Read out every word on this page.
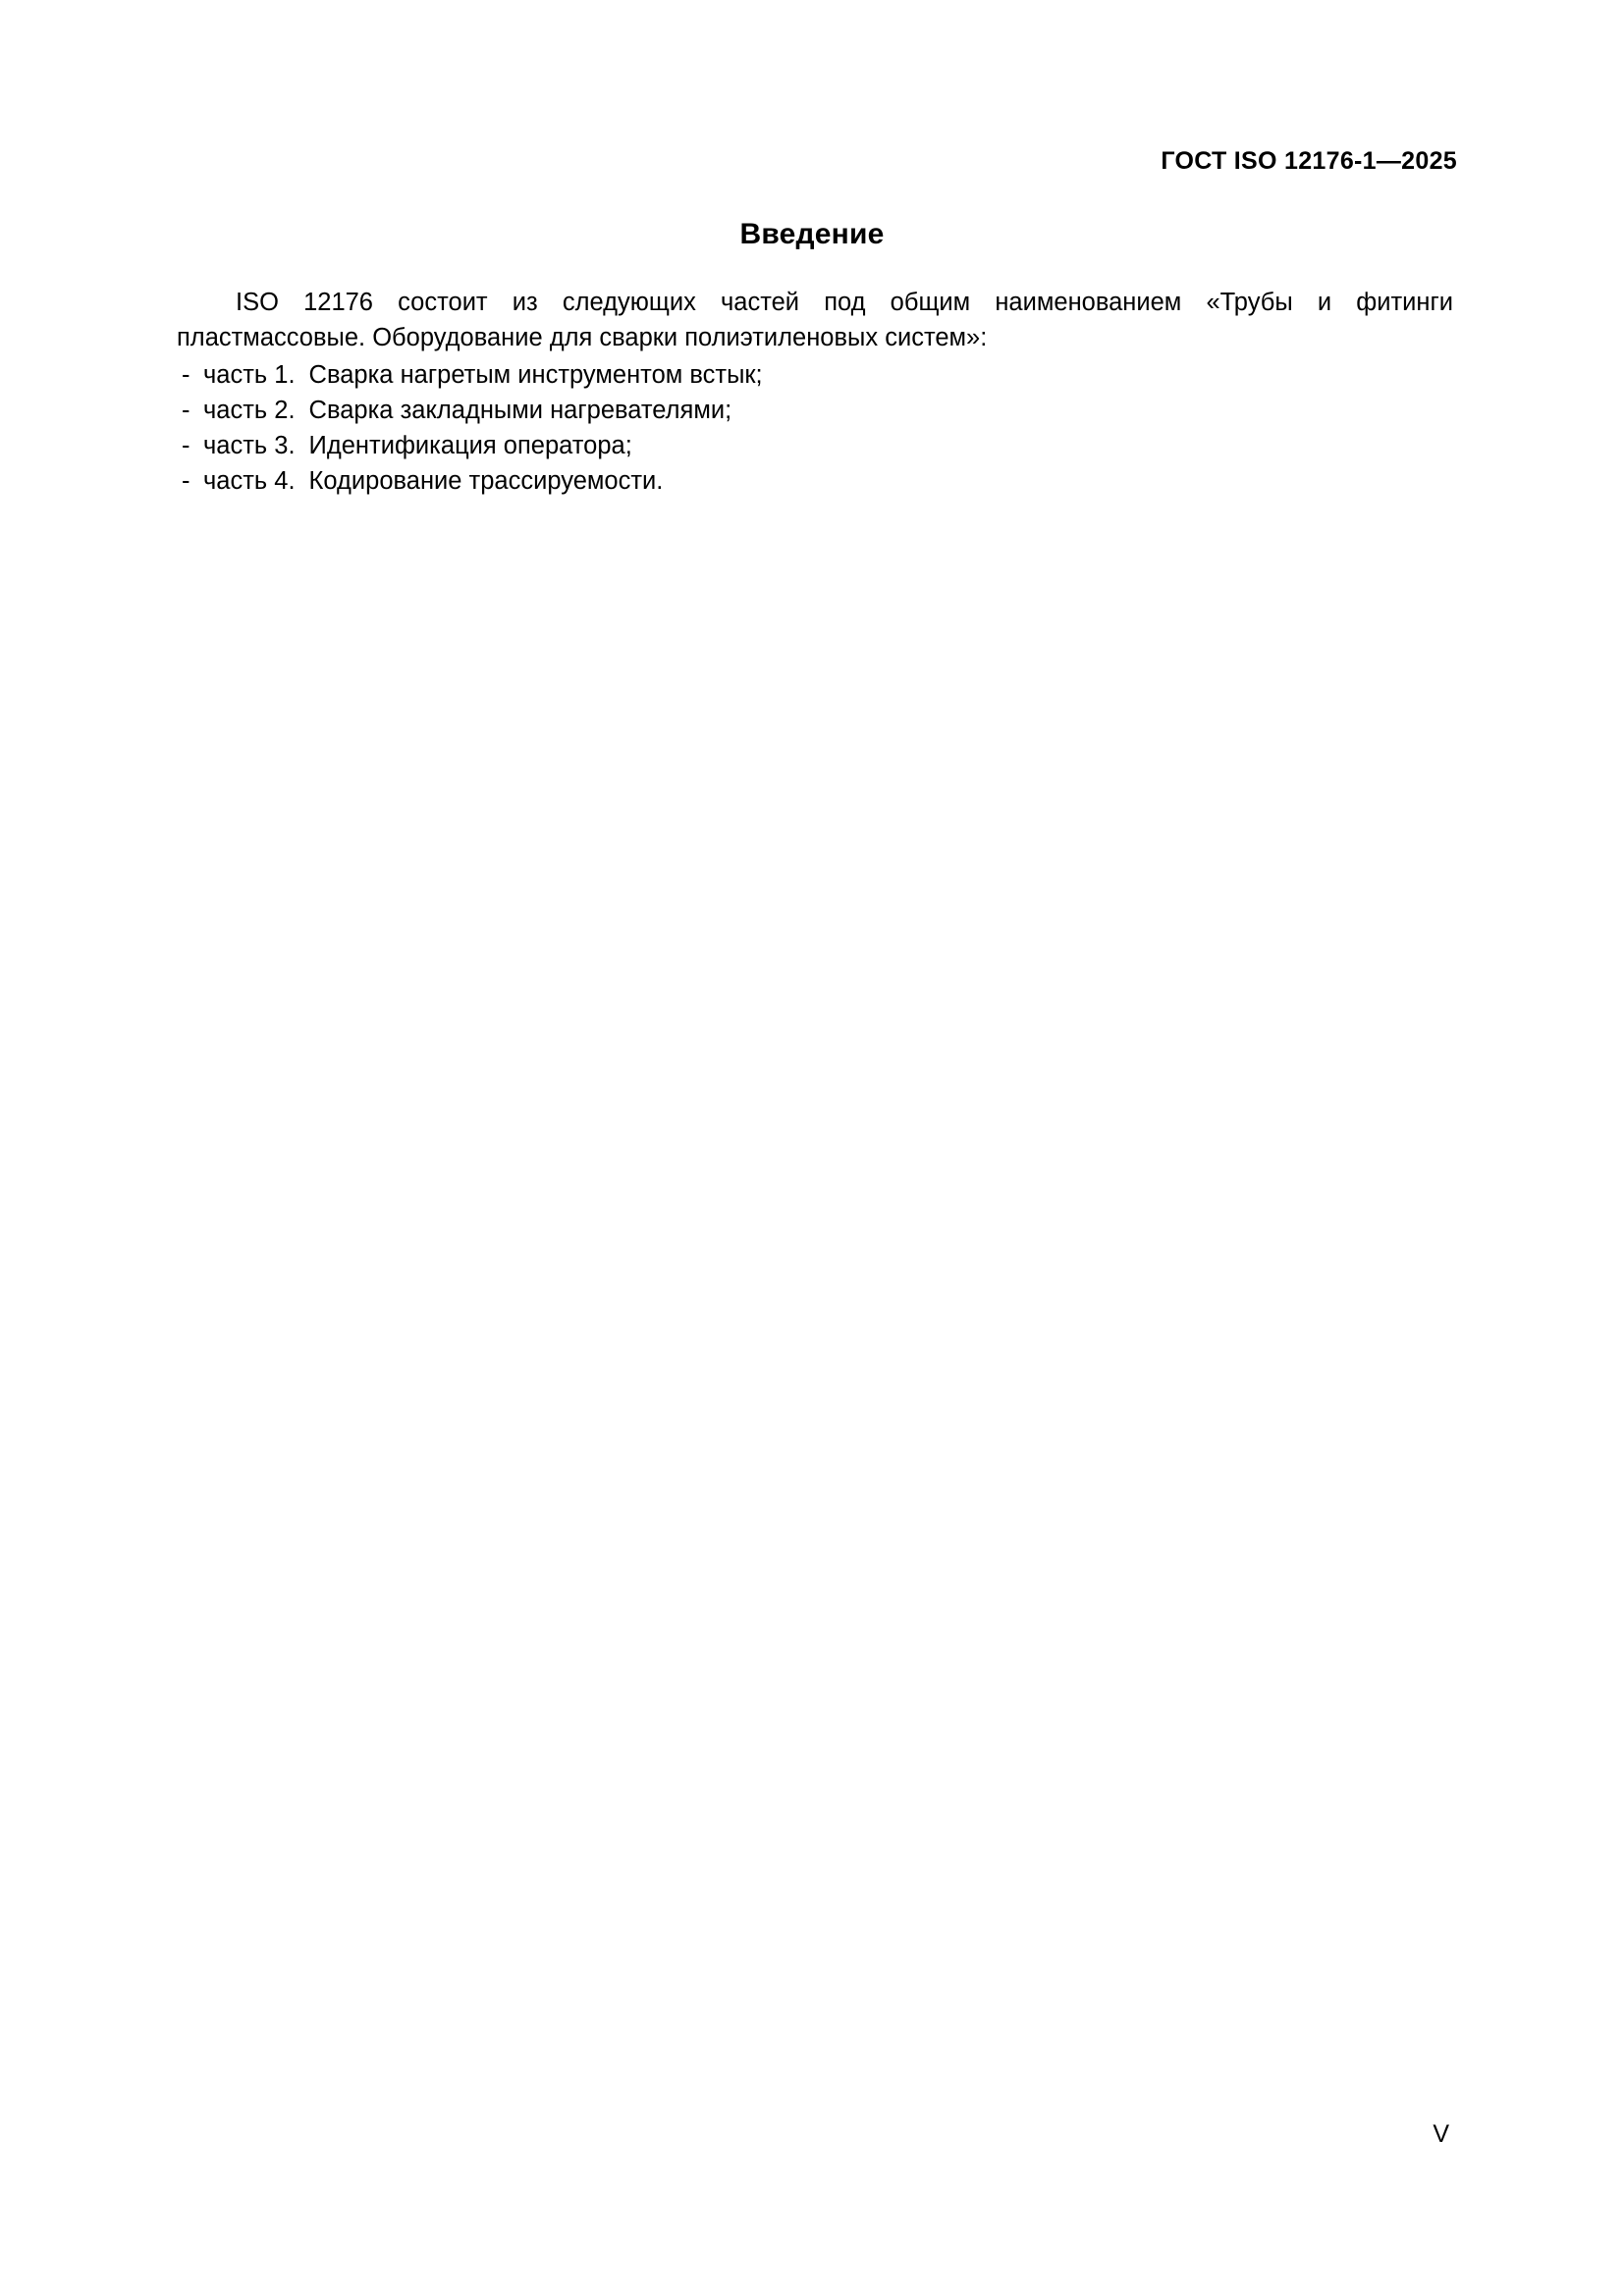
ГОСТ ISO 12176-1—2025
Введение

ISO 12176 состоит из следующих частей под общим наименованием «Трубы и фитинги пластмассовые. Оборудование для сварки полиэтиленовых систем»:

- часть 1. Сварка нагретым инструментом встык;
- часть 2. Сварка закладными нагревателями;
- часть 3. Идентификация оператора;
- часть 4. Кодирование трассируемости.
V
